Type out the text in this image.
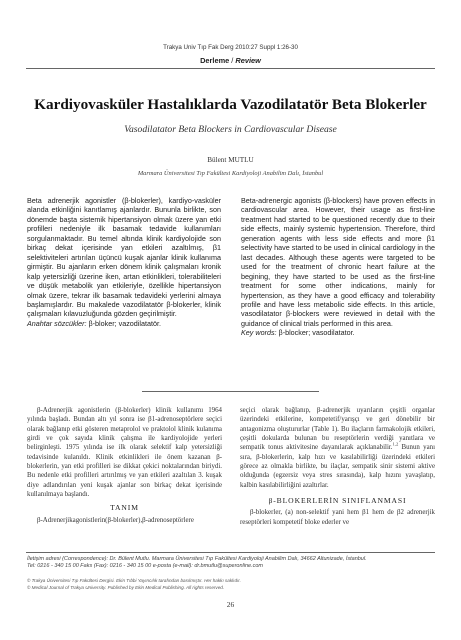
Trakya Univ Tıp Fak Derg 2010:27 Suppl 1:26-30
Derleme / Review
Kardiyovasküler Hastalıklarda Vazodilatatör Beta Blokerler
Vasodilatator Beta Blockers in Cardiovascular Disease
Bülent MUTLU
Marmara Üniversitesi Tıp Fakültesi Kardiyoloji Anabilim Dalı, İstanbul
Beta adrenerjik agonistler (β-blokerler), kardiyo-vasküler alanda etkinliğini kanıtlamış ajanlardır. Bununla birlikte, son dönemde başta sistemik hipertansiyon olmak üzere yan etki profilleri nedeniyle ilk basamak tedavide kullanımları sorgulanmaktadır. Bu temel altında klinik kardiyolojide son birkaç dekat içerisinde yan etkileri azaltılmış, β1 selektiviteleri artırılan üçüncü kuşak ajanlar klinik kullanıma girmiştir. Bu ajanların erken dönem klinik çalışmaları kronik kalp yetersizliği üzerine iken, artan etkinlikleri, tolerabiliteleri ve düşük metabolik yan etkileriyle, özellikle hipertansiyon olmak üzere, tekrar ilk basamak tedavideki yerlerini almaya başlamışlardır. Bu makalede vazodilatatör β-blokerler, klinik çalışmaları kılavuzluğunda gözden geçirilmiştir.
Anahtar sözcükler: β-bloker; vazodilatatör.
Beta-adrenergic agonists (β-blockers) have proven effects in cardiovascular area. However, their usage as first-line treatment had started to be questioned recently due to their side effects, mainly systemic hypertension. Therefore, third generation agents with less side effects and more β1 selectivity have started to be used in clinical cardiology in the last decades. Although these agents were targeted to be used for the treatment of chronic heart failure at the begining, they have started to be used as the first-line treatment for some other indications, mainly for hypertension, as they have a good efficacy and tolerability profile and have less metabolic side effects. In this article, vasodilatator β-blockers were reviewed in detail with the guidance of clinical trials performed in this area.
Key words: β-blocker; vasodilatator.

β-Adrenerjik agonistlerin (β-blokerler) klinik kullanımı 1964 yılında başladı. Bundan altı yıl sonra ise β1-adrenoseptörlere seçici olarak bağlanıp etki gösteren metaprolol ve praktolol klinik kulanıma girdi ve çok sayıda klinik çalışma ile kardiyolojide yerleri belirginleşti. 1975 yılında ise ilk olarak selektif kalp yetersizliği tedavisinde kulanıldı. Klinik etkinlikleri ile önem kazanan β-blokerlerin, yan etki profilleri ise dikkat çekici noktalarından biriydi. Bu nedenle etki profilleri artırılmış ve yan etkileri azaltılan 3. kuşak diye adlandırılan yeni kuşak ajanlar son birkaç dekat içerisinde kullanılmaya başlandı.

TANIM

β-Adrenerjikagonistlerin(β-blokerler),β-adrenoseptörlere

seçici olarak bağlanıp, β-adrenerjik uyarıların çeşitli organlar üzerindeki etkilerine, kompetetif/yarışçı ve geri dönebilir bir antagonizma oluştururlar (Table 1). Bu ilaçların farmakolojik etkileri, çeşitli dokularda bulunan bu reseptörlerin verdiği yanıtlara ve sempatik tonus aktivitesine dayanılarak açıklanabilir.$^{1,2}$ Bunun yanı sıra, β-blokerlerin, kalp hızı ve kasılabilirliği üzerindeki etkileri görece az olmakla birlikte, bu ilaçlar, sempatik sinir sistemi aktive olduğunda (egzersiz veya stres sırasında), kalp hızını yavaşlatıp, kalbin kasılabilirliğini azaltırlar.

β-BLOKERLERİN SINIFLANMASI

β-blokerler, (a) non-selektif yani hem β1 hem de β2 adrenerjik reseptörleri kompetetif bloke ederler ve

İletişim adresi (Correspondence): Dr. Bülent Mutlu. Marmara Üniversitesi Tıp Fakültesi Kardiyoloji Anabilim Dalı, 34662 Altunizade, İstanbul.
Tel: 0216 - 340 15 00 Faks (Fax): 0216 - 340 15 00 e-posta (e-mail): dr.bmutlu@superonline.com
© Trakya Üniversitesi Tıp Fakültesi Dergisi. Ekin Tıbbi Yayıncılık tarafından basılmıştır. Her hakkı saklıdır.
© Medical Journal of Trakya University. Published by Ekin Medical Publishing. All rights reserved.
26
